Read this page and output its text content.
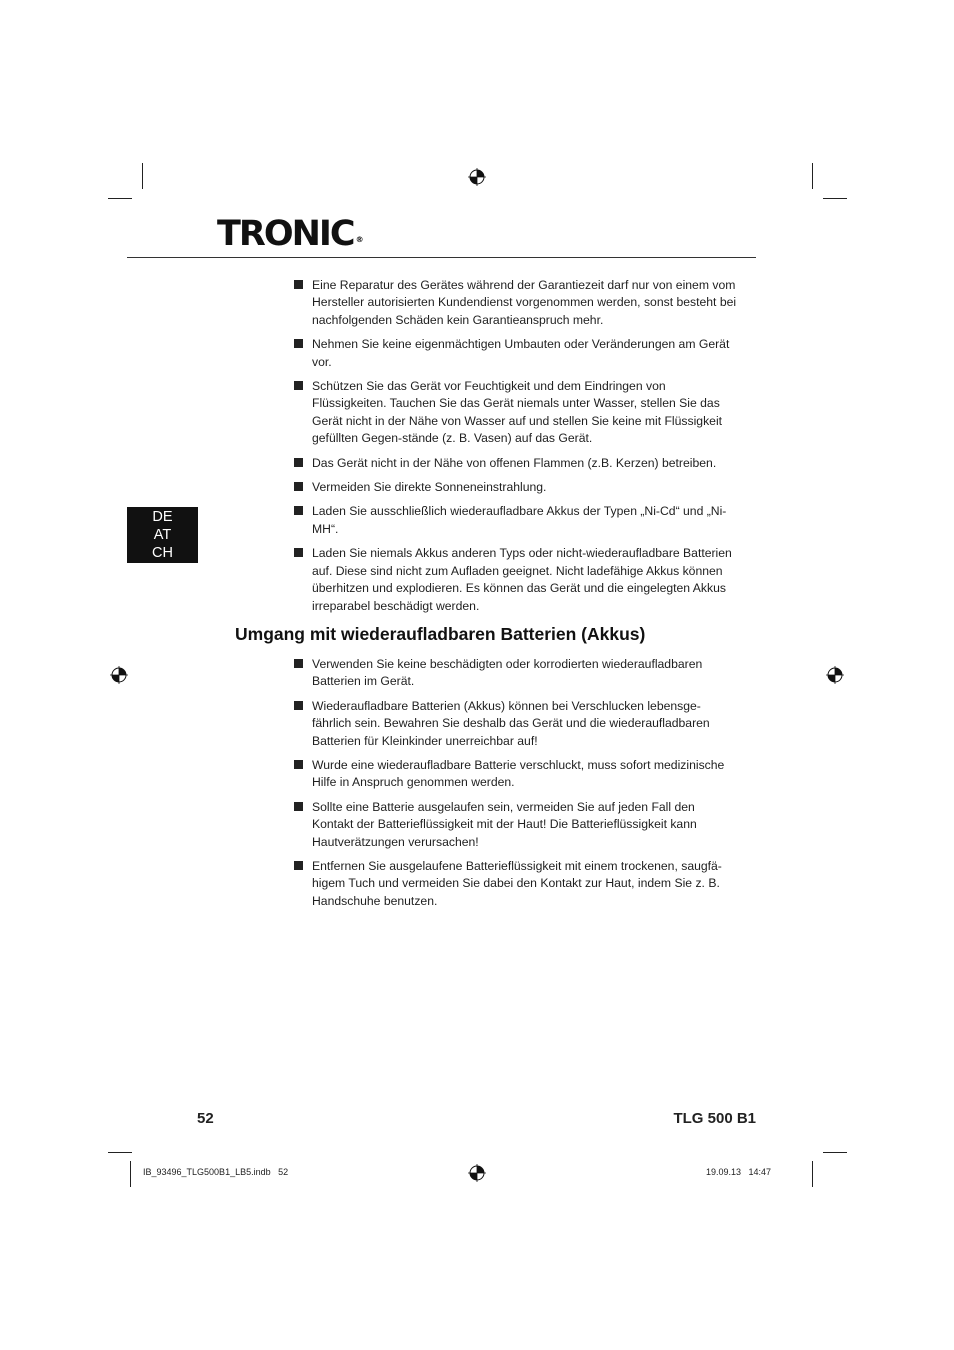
TRONIC ®
DE
AT
CH
Eine Reparatur des Gerätes während der Garantiezeit darf nur von einem vom Hersteller autorisierten Kundendienst vorgenommen werden, sonst besteht bei nachfolgenden Schäden kein Garantieanspruch mehr.
Nehmen Sie keine eigenmächtigen Umbauten oder Veränderungen am Gerät vor.
Schützen Sie das Gerät vor Feuchtigkeit und dem Eindringen von Flüssigkeiten. Tauchen Sie das Gerät niemals unter Wasser, stellen Sie das Gerät nicht in der Nähe von Wasser auf und stellen Sie keine mit Flüssigkeit gefüllten Gegen-stände (z. B. Vasen) auf das Gerät.
Das Gerät nicht in der Nähe von offenen Flammen (z.B. Kerzen) betreiben.
Vermeiden Sie direkte Sonneneinstrahlung.
Laden Sie ausschließlich wiederaufladbare Akkus der Typen „Ni-Cd“ und „Ni-MH“.
Laden Sie niemals Akkus anderen Typs oder nicht-wiederaufladbare Batterien auf. Diese sind nicht zum Aufladen geeignet. Nicht ladefähige Akkus können überhitzen und explodieren. Es können das Gerät und die eingelegten Akkus irreparabel beschädigt werden.
Umgang mit wiederaufladbaren Batterien (Akkus)
Verwenden Sie keine beschädigten oder korrodierten wiederaufladbaren Batterien im Gerät.
Wiederaufladbare Batterien (Akkus) können bei Verschlucken lebensge-fährlich sein. Bewahren Sie deshalb das Gerät und die wiederaufladbaren Batterien für Kleinkinder unerreichbar auf!
Wurde eine wiederaufladbare Batterie verschluckt, muss sofort medizinische Hilfe in Anspruch genommen werden.
Sollte eine Batterie ausgelaufen sein, vermeiden Sie auf jeden Fall den Kontakt der Batterieflüssigkeit mit der Haut! Die Batterieflüssigkeit kann Hautverätzungen verursachen!
Entfernen Sie ausgelaufene Batterieflüssigkeit mit einem trockenen, saugfä-higem Tuch und vermeiden Sie dabei den Kontakt zur Haut, indem Sie z. B. Handschuhe benutzen.
52	TLG 500 B1
IB_93496_TLG500B1_LB5.indb   52	19.09.13   14:47
